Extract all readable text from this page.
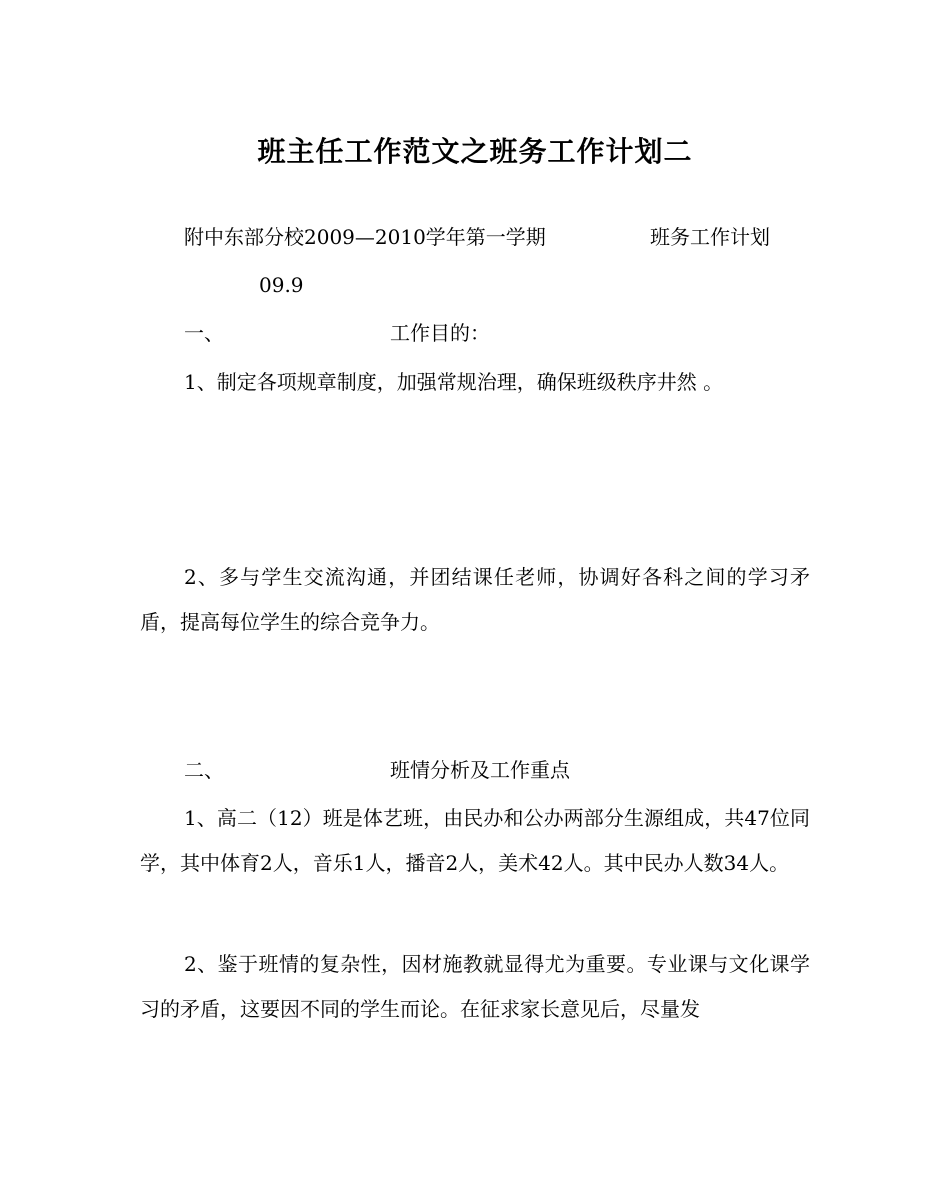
班主任工作范文之班务工作计划二
附中东部分校2009—2010学年第一学期	班务工作计划
09.9
一、	工作目的：
1、制定各项规章制度，加强常规治理，确保班级秩序井然 。
2、多与学生交流沟通，并团结课任老师，协调好各科之间的学习矛盾，提高每位学生的综合竞争力。
二、	班情分析及工作重点
1、高二（12）班是体艺班，由民办和公办两部分生源组成，共47位同学，其中体育2人，音乐1人，播音2人，美术42人。其中民办人数34人。
2、鉴于班情的复杂性，因材施教就显得尤为重要。专业课与文化课学习的矛盾，这要因不同的学生而论。在征求家长意见后，尽量发
